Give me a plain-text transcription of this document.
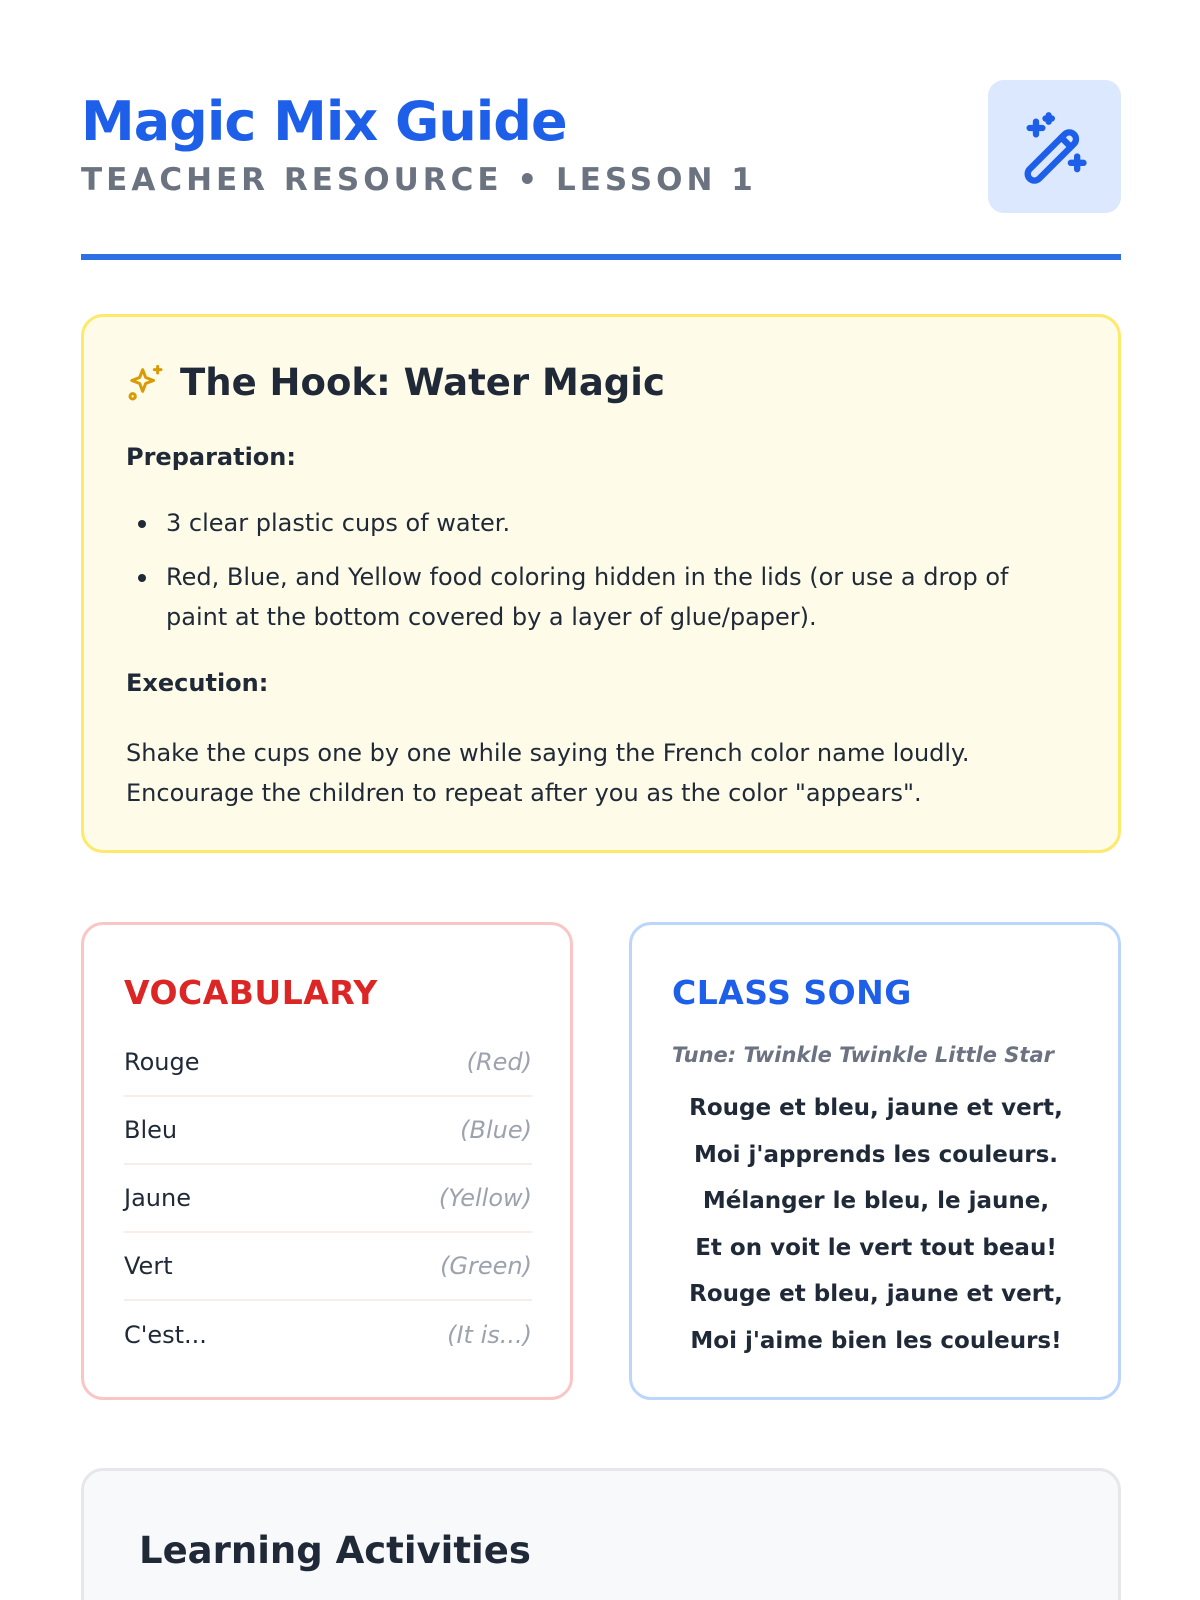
Magic Mix Guide
TEACHER RESOURCE • LESSON 1
The Hook: Water Magic
Preparation:
3 clear plastic cups of water.
Red, Blue, and Yellow food coloring hidden in the lids (or use a drop of paint at the bottom covered by a layer of glue/paper).
Execution:
Shake the cups one by one while saying the French color name loudly. Encourage the children to repeat after you as the color "appears".
VOCABULARY
Rouge	(Red)
Bleu	(Blue)
Jaune	(Yellow)
Vert	(Green)
C'est...	(It is...)
CLASS SONG
Tune: Twinkle Twinkle Little Star
Rouge et bleu, jaune et vert,
Moi j'apprends les couleurs.
Mélanger le bleu, le jaune,
Et on voit le vert tout beau!
Rouge et bleu, jaune et vert,
Moi j'aime bien les couleurs!
Learning Activities
